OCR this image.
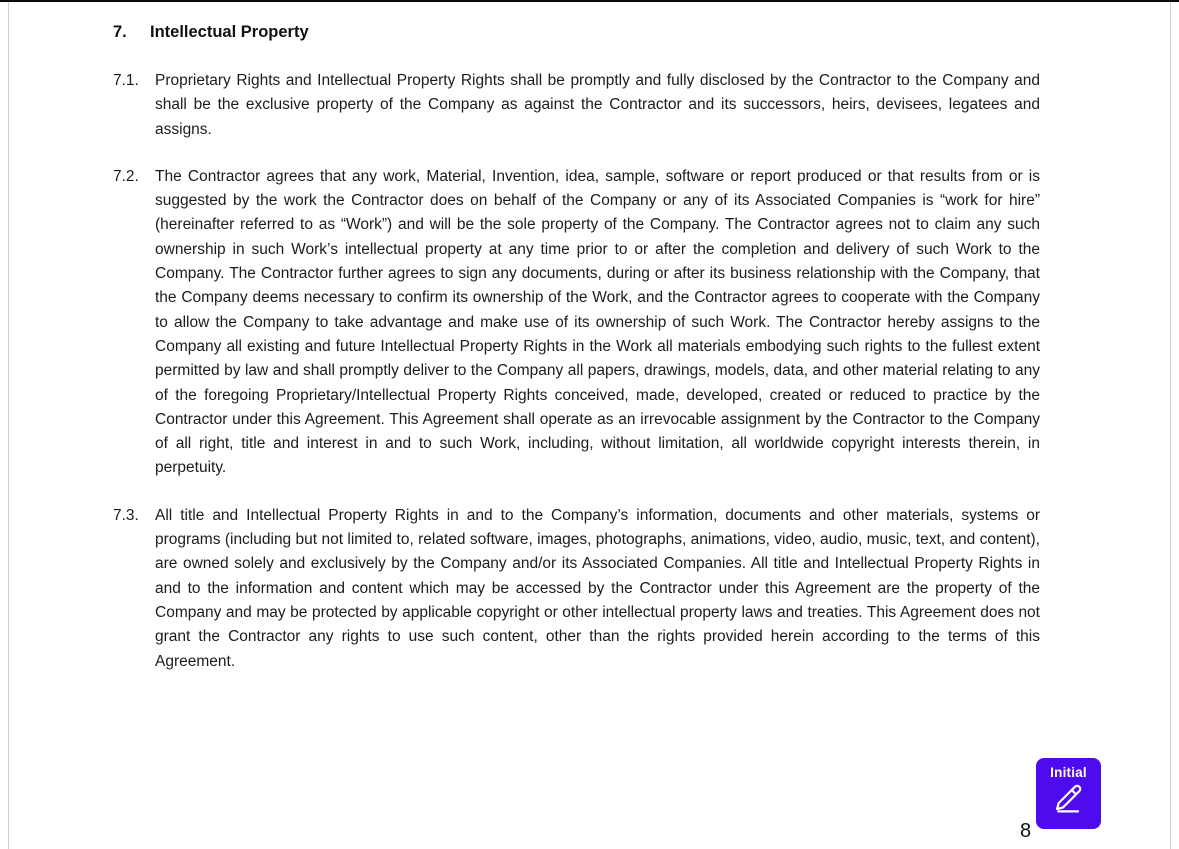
7. Intellectual Property
7.1. Proprietary Rights and Intellectual Property Rights shall be promptly and fully disclosed by the Contractor to the Company and shall be the exclusive property of the Company as against the Contractor and its successors, heirs, devisees, legatees and assigns.
7.2. The Contractor agrees that any work, Material, Invention, idea, sample, software or report produced or that results from or is suggested by the work the Contractor does on behalf of the Company or any of its Associated Companies is “work for hire” (hereinafter referred to as “Work”) and will be the sole property of the Company. The Contractor agrees not to claim any such ownership in such Work’s intellectual property at any time prior to or after the completion and delivery of such Work to the Company. The Contractor further agrees to sign any documents, during or after its business relationship with the Company, that the Company deems necessary to confirm its ownership of the Work, and the Contractor agrees to cooperate with the Company to allow the Company to take advantage and make use of its ownership of such Work. The Contractor hereby assigns to the Company all existing and future Intellectual Property Rights in the Work all materials embodying such rights to the fullest extent permitted by law and shall promptly deliver to the Company all papers, drawings, models, data, and other material relating to any of the foregoing Proprietary/Intellectual Property Rights conceived, made, developed, created or reduced to practice by the Contractor under this Agreement. This Agreement shall operate as an irrevocable assignment by the Contractor to the Company of all right, title and interest in and to such Work, including, without limitation, all worldwide copyright interests therein, in perpetuity.
7.3. All title and Intellectual Property Rights in and to the Company’s information, documents and other materials, systems or programs (including but not limited to, related software, images, photographs, animations, video, audio, music, text, and content), are owned solely and exclusively by the Company and/or its Associated Companies. All title and Intellectual Property Rights in and to the information and content which may be accessed by the Contractor under this Agreement are the property of the Company and may be protected by applicable copyright or other intellectual property laws and treaties. This Agreement does not grant the Contractor any rights to use such content, other than the rights provided herein according to the terms of this Agreement.
Initial
8
